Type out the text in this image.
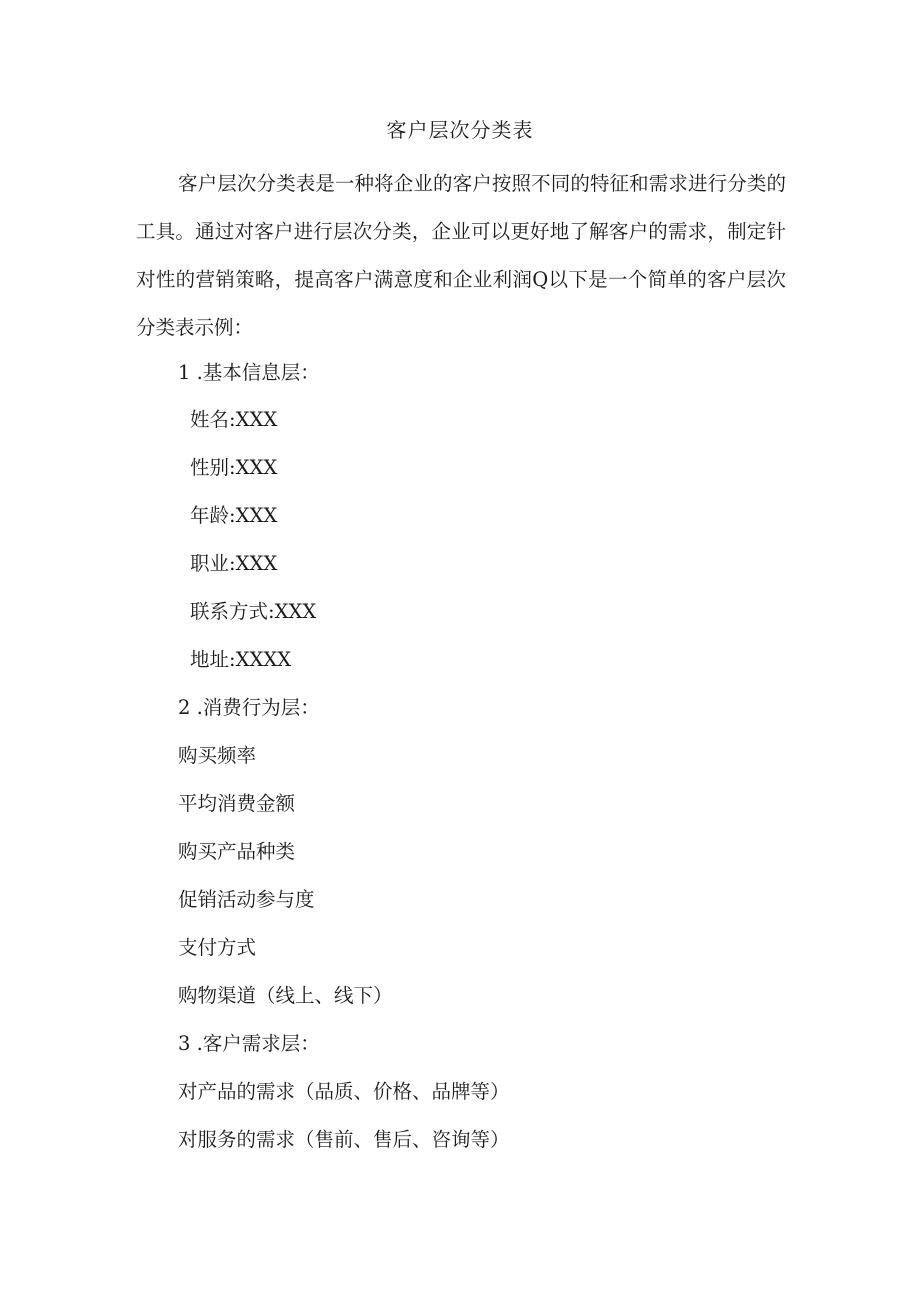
客户层次分类表

客户层次分类表是一种将企业的客户按照不同的特征和需求进行分类的工具。通过对客户进行层次分类，企业可以更好地了解客户的需求，制定针对性的营销策略，提高客户满意度和企业利润Q以下是一个简单的客户层次分类表示例：

1 .基本信息层：
姓名:XXX
性别:XXX
年龄:XXX
职业:XXX
联系方式:XXX
地址:XXXX
2 .消费行为层：
购买频率
平均消费金额
购买产品种类
促销活动参与度
支付方式
购物渠道（线上、线下）
3 .客户需求层：
对产品的需求（品质、价格、品牌等）
对服务的需求（售前、售后、咨询等）
